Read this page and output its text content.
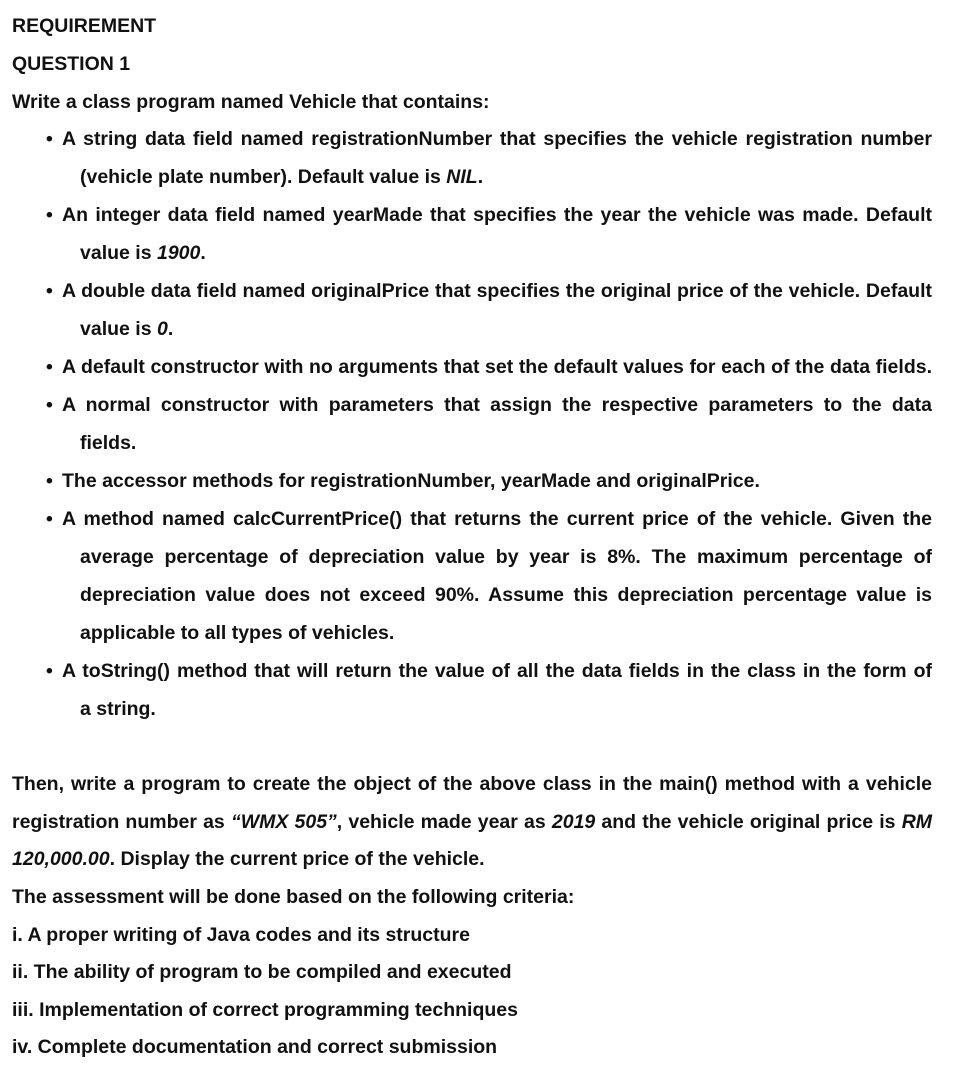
REQUIREMENT
QUESTION 1
Write a class program named Vehicle that contains:
• A string data field named registrationNumber that specifies the vehicle registration number
(vehicle plate number). Default value is NIL.
• An integer data field named yearMade that specifies the year the vehicle was made. Default
value is 1900.
• A double data field named originalPrice that specifies the original price of the vehicle. Default
value is 0.
• A default constructor with no arguments that set the default values for each of the data fields.
• A normal constructor with parameters that assign the respective parameters to the data
fields.
• The accessor methods for registrationNumber, yearMade and originalPrice.
• A method named calcCurrentPrice() that returns the current price of the vehicle. Given the
average percentage of depreciation value by year is 8%. The maximum percentage of
depreciation value does not exceed 90%. Assume this depreciation percentage value is
applicable to all types of vehicles.
• A toString() method that will return the value of all the data fields in the class in the form of
a string.
Then, write a program to create the object of the above class in the main() method with a vehicle
registration number as “WMX 505”, vehicle made year as 2019 and the vehicle original price is RM
120,000.00. Display the current price of the vehicle.
The assessment will be done based on the following criteria:
i. A proper writing of Java codes and its structure
ii. The ability of program to be compiled and executed
iii. Implementation of correct programming techniques
iv. Complete documentation and correct submission
